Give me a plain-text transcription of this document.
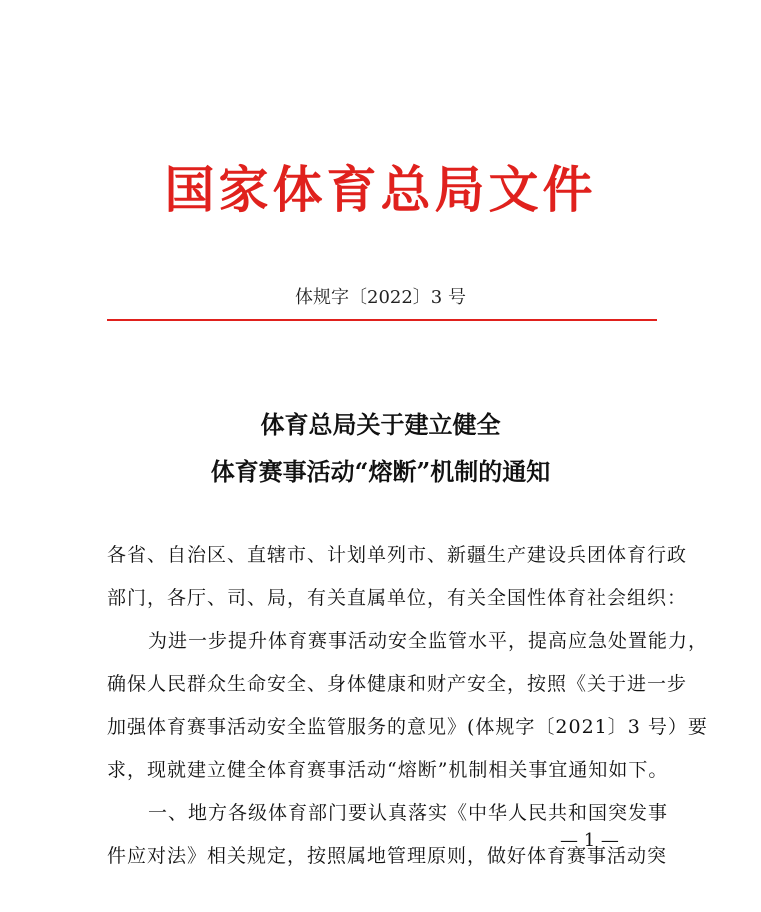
国家体育总局文件
体规字〔2022〕3 号
体育总局关于建立健全
体育赛事活动“熔断”机制的通知
各省、自治区、直辖市、计划单列市、新疆生产建设兵团体育行政
部门，各厅、司、局，有关直属单位，有关全国性体育社会组织：
为进一步提升体育赛事活动安全监管水平，提高应急处置能力，
确保人民群众生命安全、身体健康和财产安全，按照《关于进一步
加强体育赛事活动安全监管服务的意见》(体规字〔2021〕3 号）要
求，现就建立健全体育赛事活动“熔断”机制相关事宜通知如下。
一、地方各级体育部门要认真落实《中华人民共和国突发事
件应对法》相关规定，按照属地管理原则，做好体育赛事活动突
— 1 —
